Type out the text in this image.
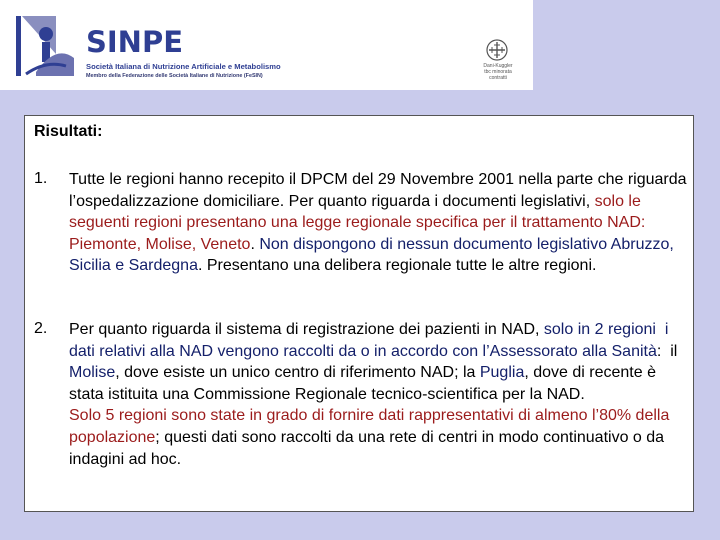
SINPE
Società Italiana di Nutrizione Artificiale e Metabolismo
Membro della Federazione delle Società Italiane di Nutrizione (FeSIN)
Dani-Kuggler
tbc minorata
contratti
Risultati:
1. Tutte le regioni hanno recepito il DPCM del 29 Novembre 2001 nella parte che riguarda l’ospedalizzazione domiciliare. Per quanto riguarda i documenti legislativi, solo le seguenti regioni presentano una legge regionale specifica per il trattamento NAD: Piemonte, Molise, Veneto. Non dispongono di nessun documento legislativo Abruzzo, Sicilia e Sardegna. Presentano una delibera regionale tutte le altre regioni.
2. Per quanto riguarda il sistema di registrazione dei pazienti in NAD, solo in 2 regioni  i dati relativi alla NAD vengono raccolti da o in accordo con l’Assessorato alla Sanità:  il Molise, dove esiste un unico centro di riferimento NAD; la Puglia, dove di recente è stata istituita una Commissione Regionale tecnico-scientifica per la NAD.
Solo 5 regioni sono state in grado di fornire dati rappresentativi di almeno l’80% della popolazione; questi dati sono raccolti da una rete di centri in modo continuativo o da indagini ad hoc.
